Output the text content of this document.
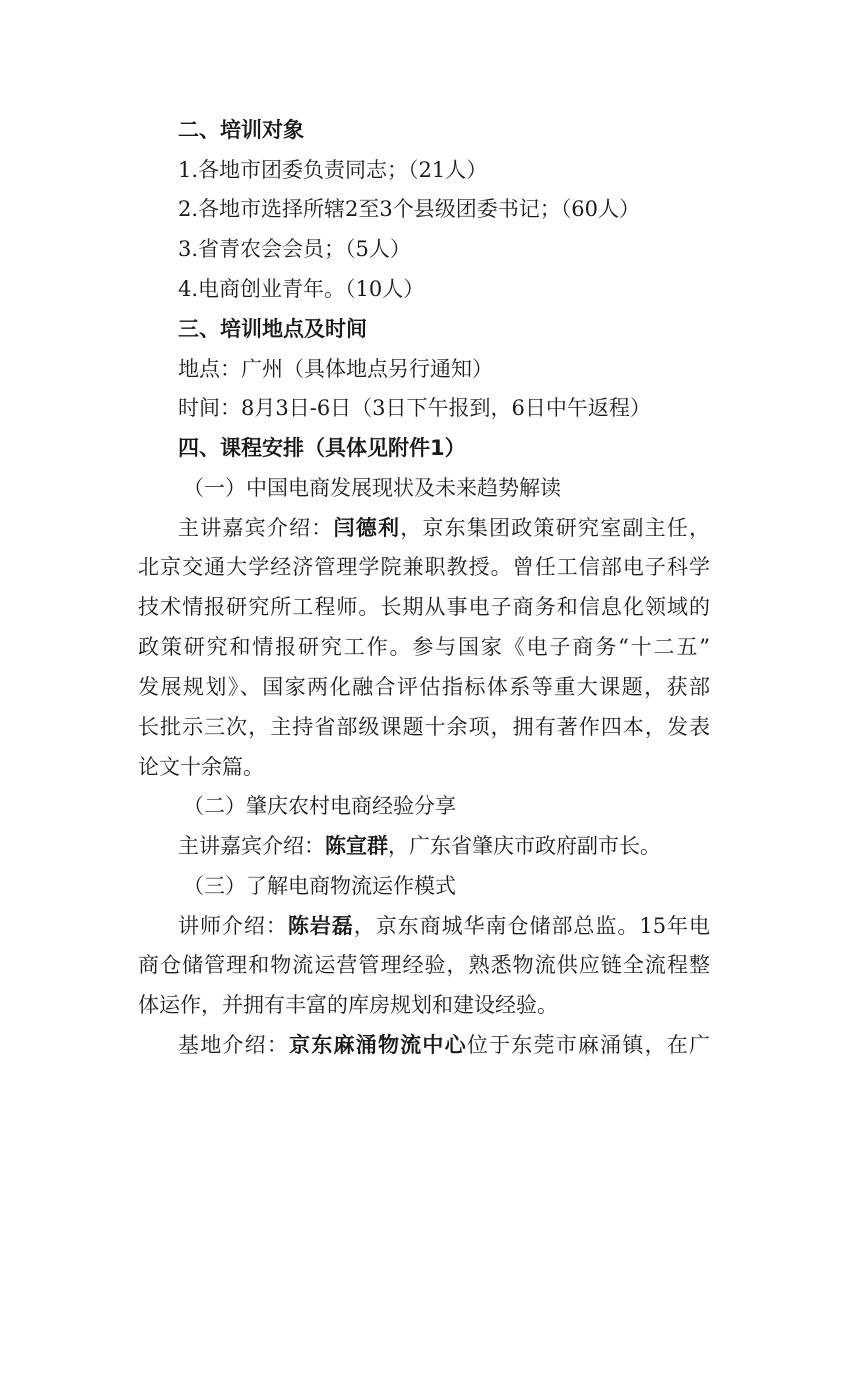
二、培训对象
1.各地市团委负责同志；（21人）
2.各地市选择所辖2至3个县级团委书记；（60人）
3.省青农会会员；（5人）
4.电商创业青年。（10人）
三、培训地点及时间
地点：广州（具体地点另行通知）
时间：8月3日-6日（3日下午报到，6日中午返程）
四、课程安排（具体见附件1）
（一）中国电商发展现状及未来趋势解读
主讲嘉宾介绍：闫德利，京东集团政策研究室副主任，
北京交通大学经济管理学院兼职教授。曾任工信部电子科学
技术情报研究所工程师。长期从事电子商务和信息化领域的
政策研究和情报研究工作。参与国家《电子商务“十二五”
发展规划》、国家两化融合评估指标体系等重大课题，获部
长批示三次，主持省部级课题十余项，拥有著作四本，发表
论文十余篇。
（二）肇庆农村电商经验分享
主讲嘉宾介绍：陈宣群，广东省肇庆市政府副市长。
（三）了解电商物流运作模式
讲师介绍：陈岩磊，京东商城华南仓储部总监。15年电
商仓储管理和物流运营管理经验，熟悉物流供应链全流程整
体运作，并拥有丰富的库房规划和建设经验。
基地介绍：京东麻涌物流中心位于东莞市麻涌镇，在广
